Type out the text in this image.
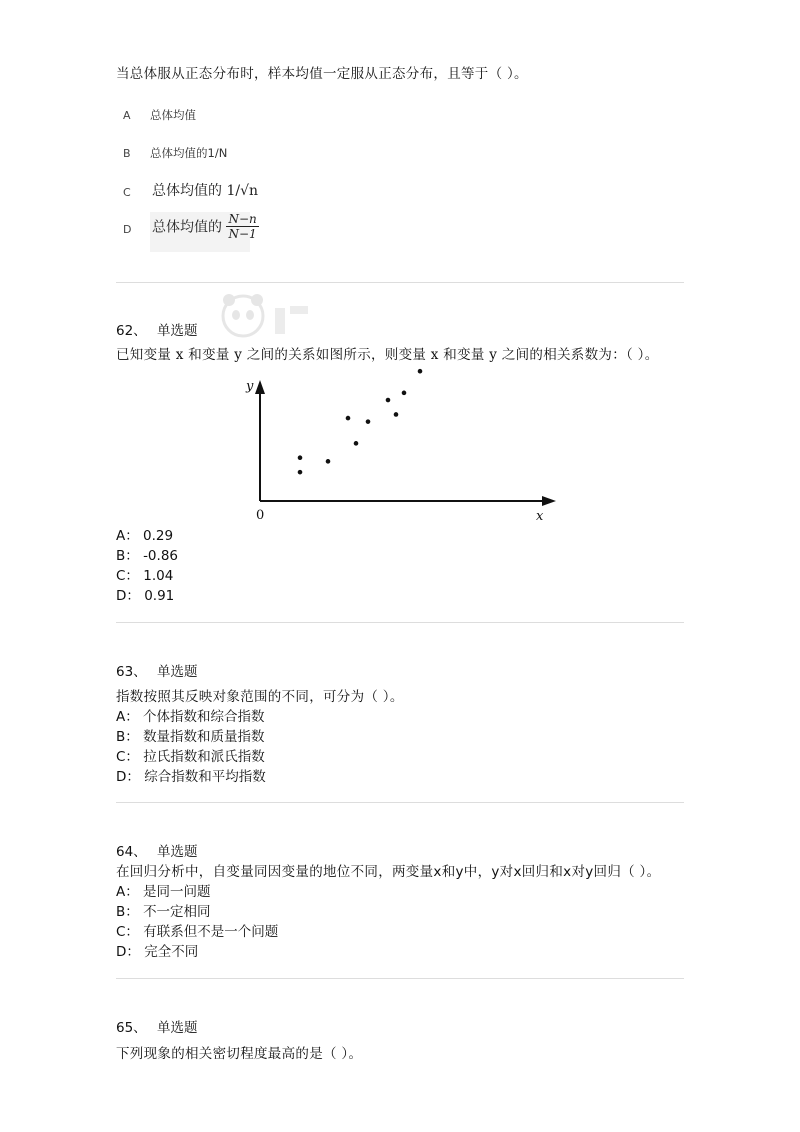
当总体服从正态分布时，样本均值一定服从正态分布，且等于（ ）。
A 总体均值
B 总体均值的1/N
C 总体均值的 1/√n
D 总体均值的 $\frac{N-n}{N-1}$
62、 单选题
已知变量 x 和变量 y 之间的关系如图所示，则变量 x 和变量 y 之间的相关系数为：（ ）。
y
x
0
A： 0.29
B： -0.86
C： 1.04
D： 0.91
63、 单选题
指数按照其反映对象范围的不同，可分为（ ）。
A： 个体指数和综合指数
B： 数量指数和质量指数
C： 拉氏指数和派氏指数
D： 综合指数和平均指数
64、 单选题
在回归分析中，自变量同因变量的地位不同，两变量x和y中，y对x回归和x对y回归（ ）。
A： 是同一问题
B： 不一定相同
C： 有联系但不是一个问题
D： 完全不同
65、 单选题
下列现象的相关密切程度最高的是（ ）。
